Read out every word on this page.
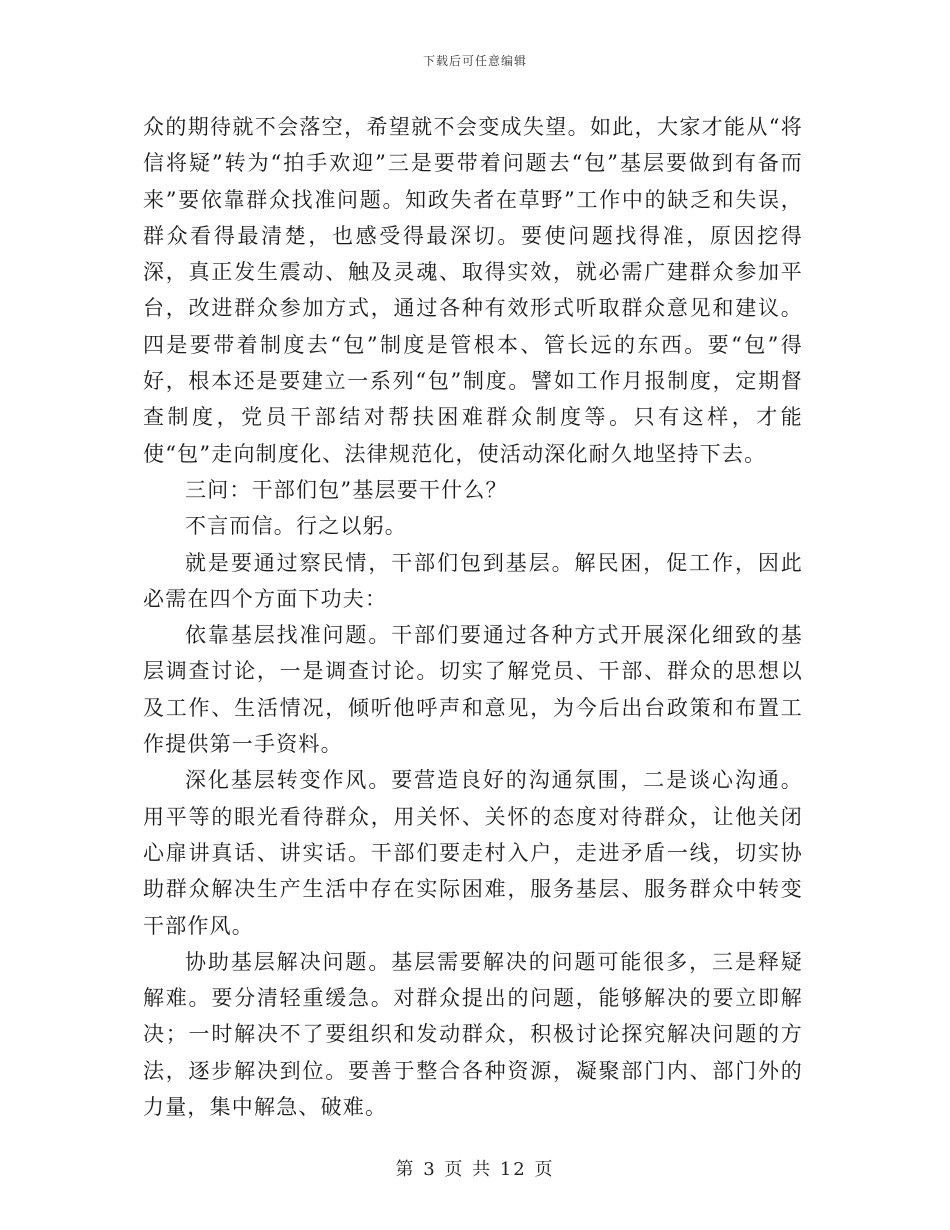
下载后可任意编辑

众的期待就不会落空，希望就不会变成失望。如此，大家才能从“将信将疑”转为“拍手欢迎”三是要带着问题去“包”基层要做到有备而来”要依靠群众找准问题。知政失者在草野”工作中的缺乏和失误，群众看得最清楚，也感受得最深切。要使问题找得准，原因挖得深，真正发生震动、触及灵魂、取得实效，就必需广建群众参加平台，改进群众参加方式，通过各种有效形式听取群众意见和建议。四是要带着制度去“包”制度是管根本、管长远的东西。要“包”得好，根本还是要建立一系列“包”制度。譬如工作月报制度，定期督查制度，党员干部结对帮扶困难群众制度等。只有这样，才能使“包”走向制度化、法律规范化，使活动深化耐久地坚持下去。

三问：干部们包”基层要干什么？

不言而信。行之以躬。

就是要通过察民情，干部们包到基层。解民困，促工作，因此必需在四个方面下功夫：

依靠基层找准问题。干部们要通过各种方式开展深化细致的基层调查讨论，一是调查讨论。切实了解党员、干部、群众的思想以及工作、生活情况，倾听他呼声和意见，为今后出台政策和布置工作提供第一手资料。

深化基层转变作风。要营造良好的沟通氛围，二是谈心沟通。用平等的眼光看待群众，用关怀、关怀的态度对待群众，让他关闭心扉讲真话、讲实话。干部们要走村入户，走进矛盾一线，切实协助群众解决生产生活中存在实际困难，服务基层、服务群众中转变干部作风。

协助基层解决问题。基层需要解决的问题可能很多，三是释疑解难。要分清轻重缓急。对群众提出的问题，能够解决的要立即解决；一时解决不了要组织和发动群众，积极讨论探究解决问题的方法，逐步解决到位。要善于整合各种资源，凝聚部门内、部门外的力量，集中解急、破难。

第 3 页 共 12 页
